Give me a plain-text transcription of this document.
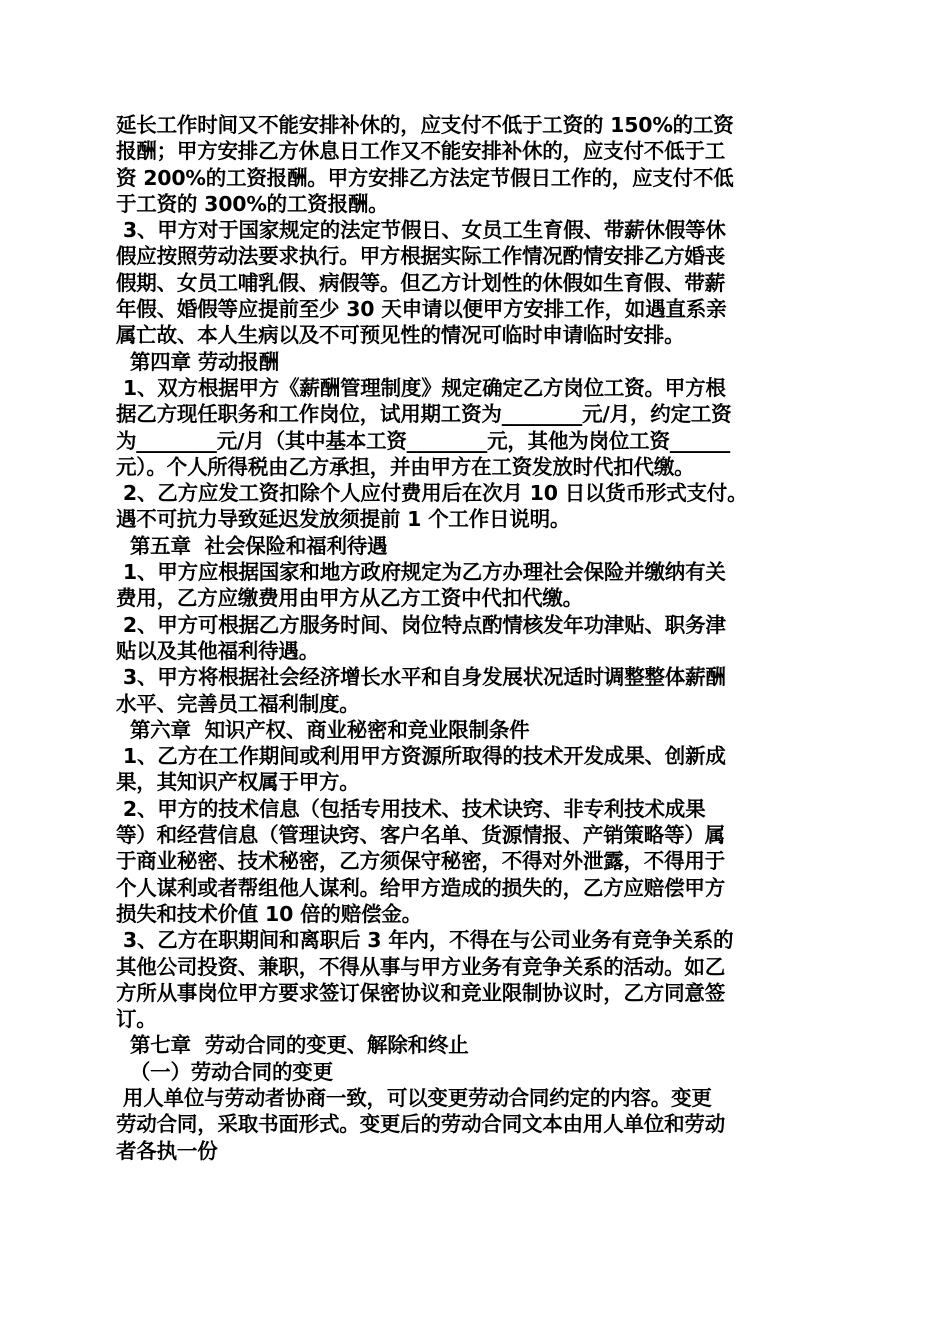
延长工作时间又不能安排补休的，应支付不低于工资的 150%的工资
报酬；甲方安排乙方休息日工作又不能安排补休的，应支付不低于工
资 200%的工资报酬。甲方安排乙方法定节假日工作的，应支付不低
于工资的 300%的工资报酬。
3、甲方对于国家规定的法定节假日、女员工生育假、带薪休假等休
假应按照劳动法要求执行。甲方根据实际工作情况酌情安排乙方婚丧
假期、女员工哺乳假、病假等。但乙方计划性的休假如生育假、带薪
年假、婚假等应提前至少 30 天申请以便甲方安排工作，如遇直系亲
属亡故、本人生病以及不可预见性的情况可临时申请临时安排。
第四章 劳动报酬
1、双方根据甲方《薪酬管理制度》规定确定乙方岗位工资。甲方根
据乙方现任职务和工作岗位，试用期工资为________元/月，约定工资
为________元/月（其中基本工资________元，其他为岗位工资______
元）。个人所得税由乙方承担，并由甲方在工资发放时代扣代缴。
2、乙方应发工资扣除个人应付费用后在次月 10 日以货币形式支付。
遇不可抗力导致延迟发放须提前 1 个工作日说明。
第五章  社会保险和福利待遇
1、甲方应根据国家和地方政府规定为乙方办理社会保险并缴纳有关
费用，乙方应缴费用由甲方从乙方工资中代扣代缴。
2、甲方可根据乙方服务时间、岗位特点酌情核发年功津贴、职务津
贴以及其他福利待遇。
3、甲方将根据社会经济增长水平和自身发展状况适时调整整体薪酬
水平、完善员工福利制度。
第六章  知识产权、商业秘密和竞业限制条件
1、乙方在工作期间或利用甲方资源所取得的技术开发成果、创新成
果，其知识产权属于甲方。
2、甲方的技术信息（包括专用技术、技术诀窍、非专利技术成果
等）和经营信息（管理诀窍、客户名单、货源情报、产销策略等）属
于商业秘密、技术秘密，乙方须保守秘密，不得对外泄露，不得用于
个人谋利或者帮组他人谋利。给甲方造成的损失的，乙方应赔偿甲方
损失和技术价值 10 倍的赔偿金。
3、乙方在职期间和离职后 3 年内，不得在与公司业务有竞争关系的
其他公司投资、兼职，不得从事与甲方业务有竞争关系的活动。如乙
方所从事岗位甲方要求签订保密协议和竞业限制协议时，乙方同意签
订。
第七章  劳动合同的变更、解除和终止
（一）劳动合同的变更
用人单位与劳动者协商一致，可以变更劳动合同约定的内容。变更
劳动合同，采取书面形式。变更后的劳动合同文本由用人单位和劳动
者各执一份
